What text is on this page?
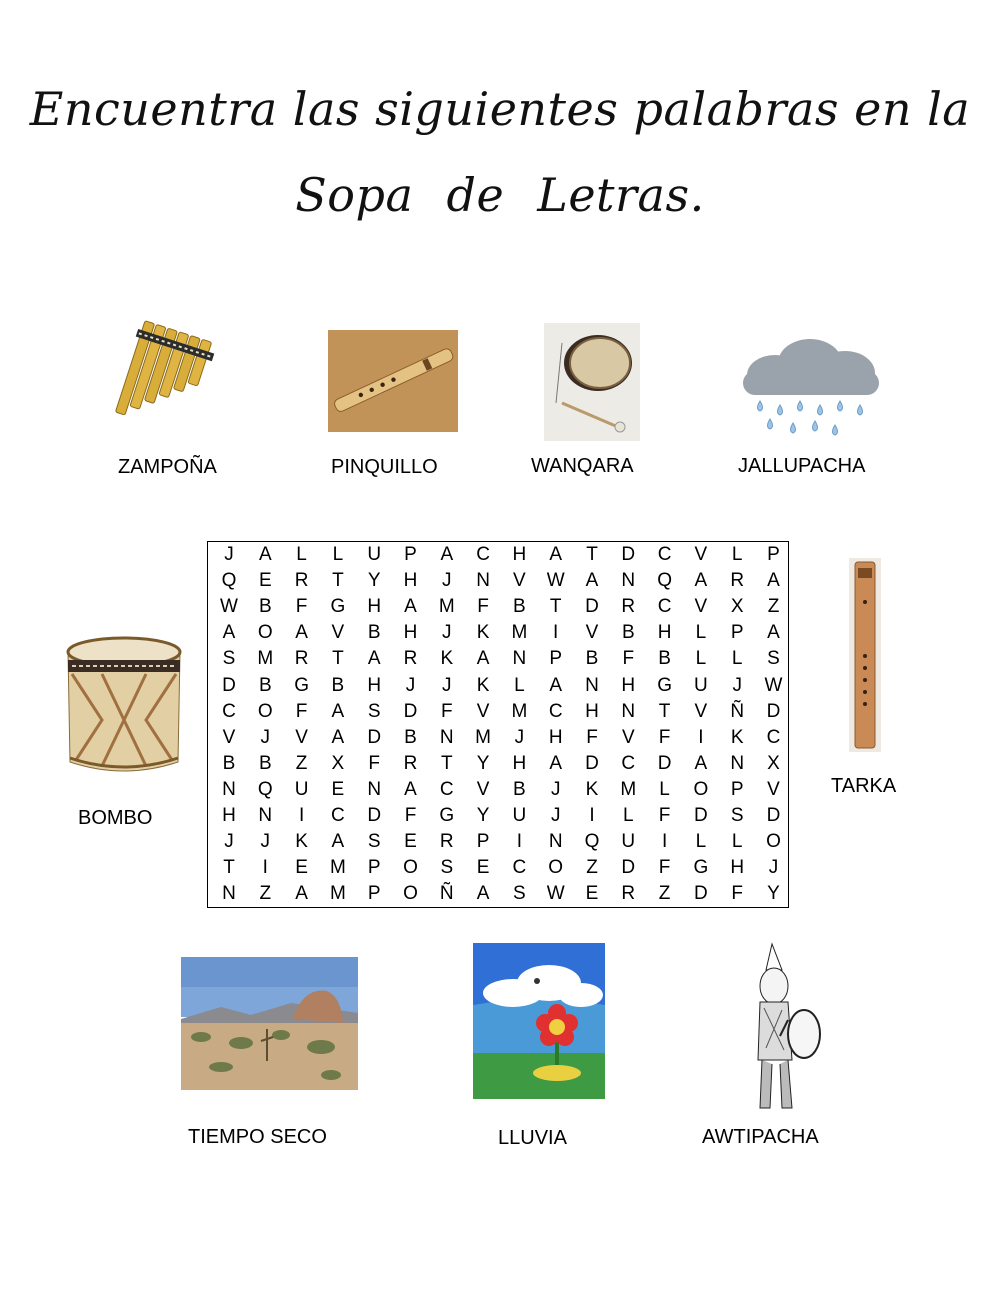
Encuentra las siguientes palabras en la
Sopa de Letras.
ZAMPOÑA	PINQUILLO	WANQARA	JALLUPACHA
BOMBO
TARKA
J	A	L	L	U	P	A	C	H	A	T	D	C	V	L	P
Q	E	R	T	Y	H	J	N	V	W	A	N	Q	A	R	A
W	B	F	G	H	A	M	F	B	T	D	R	C	V	X	Z
A	O	A	V	B	H	J	K	M	I	V	B	H	L	P	A
S	M	R	T	A	R	K	A	N	P	B	F	B	L	L	S
D	B	G	B	H	J	J	K	L	A	N	H	G	U	J	W
C	O	F	A	S	D	F	V	M	C	H	N	T	V	Ñ	D
V	J	V	A	D	B	N	M	J	H	F	V	F	I	K	C
B	B	Z	X	F	R	T	Y	H	A	D	C	D	A	N	X
N	Q	U	E	N	A	C	V	B	J	K	M	L	O	P	V
H	N	I	C	D	F	G	Y	U	J	I	L	F	D	S	D
J	J	K	A	S	E	R	P	I	N	Q	U	I	L	L	O
T	I	E	M	P	O	S	E	C	O	Z	D	F	G	H	J
N	Z	A	M	P	O	Ñ	A	S	W	E	R	Z	D	F	Y
TIEMPO SECO	LLUVIA	AWTIPACHA
